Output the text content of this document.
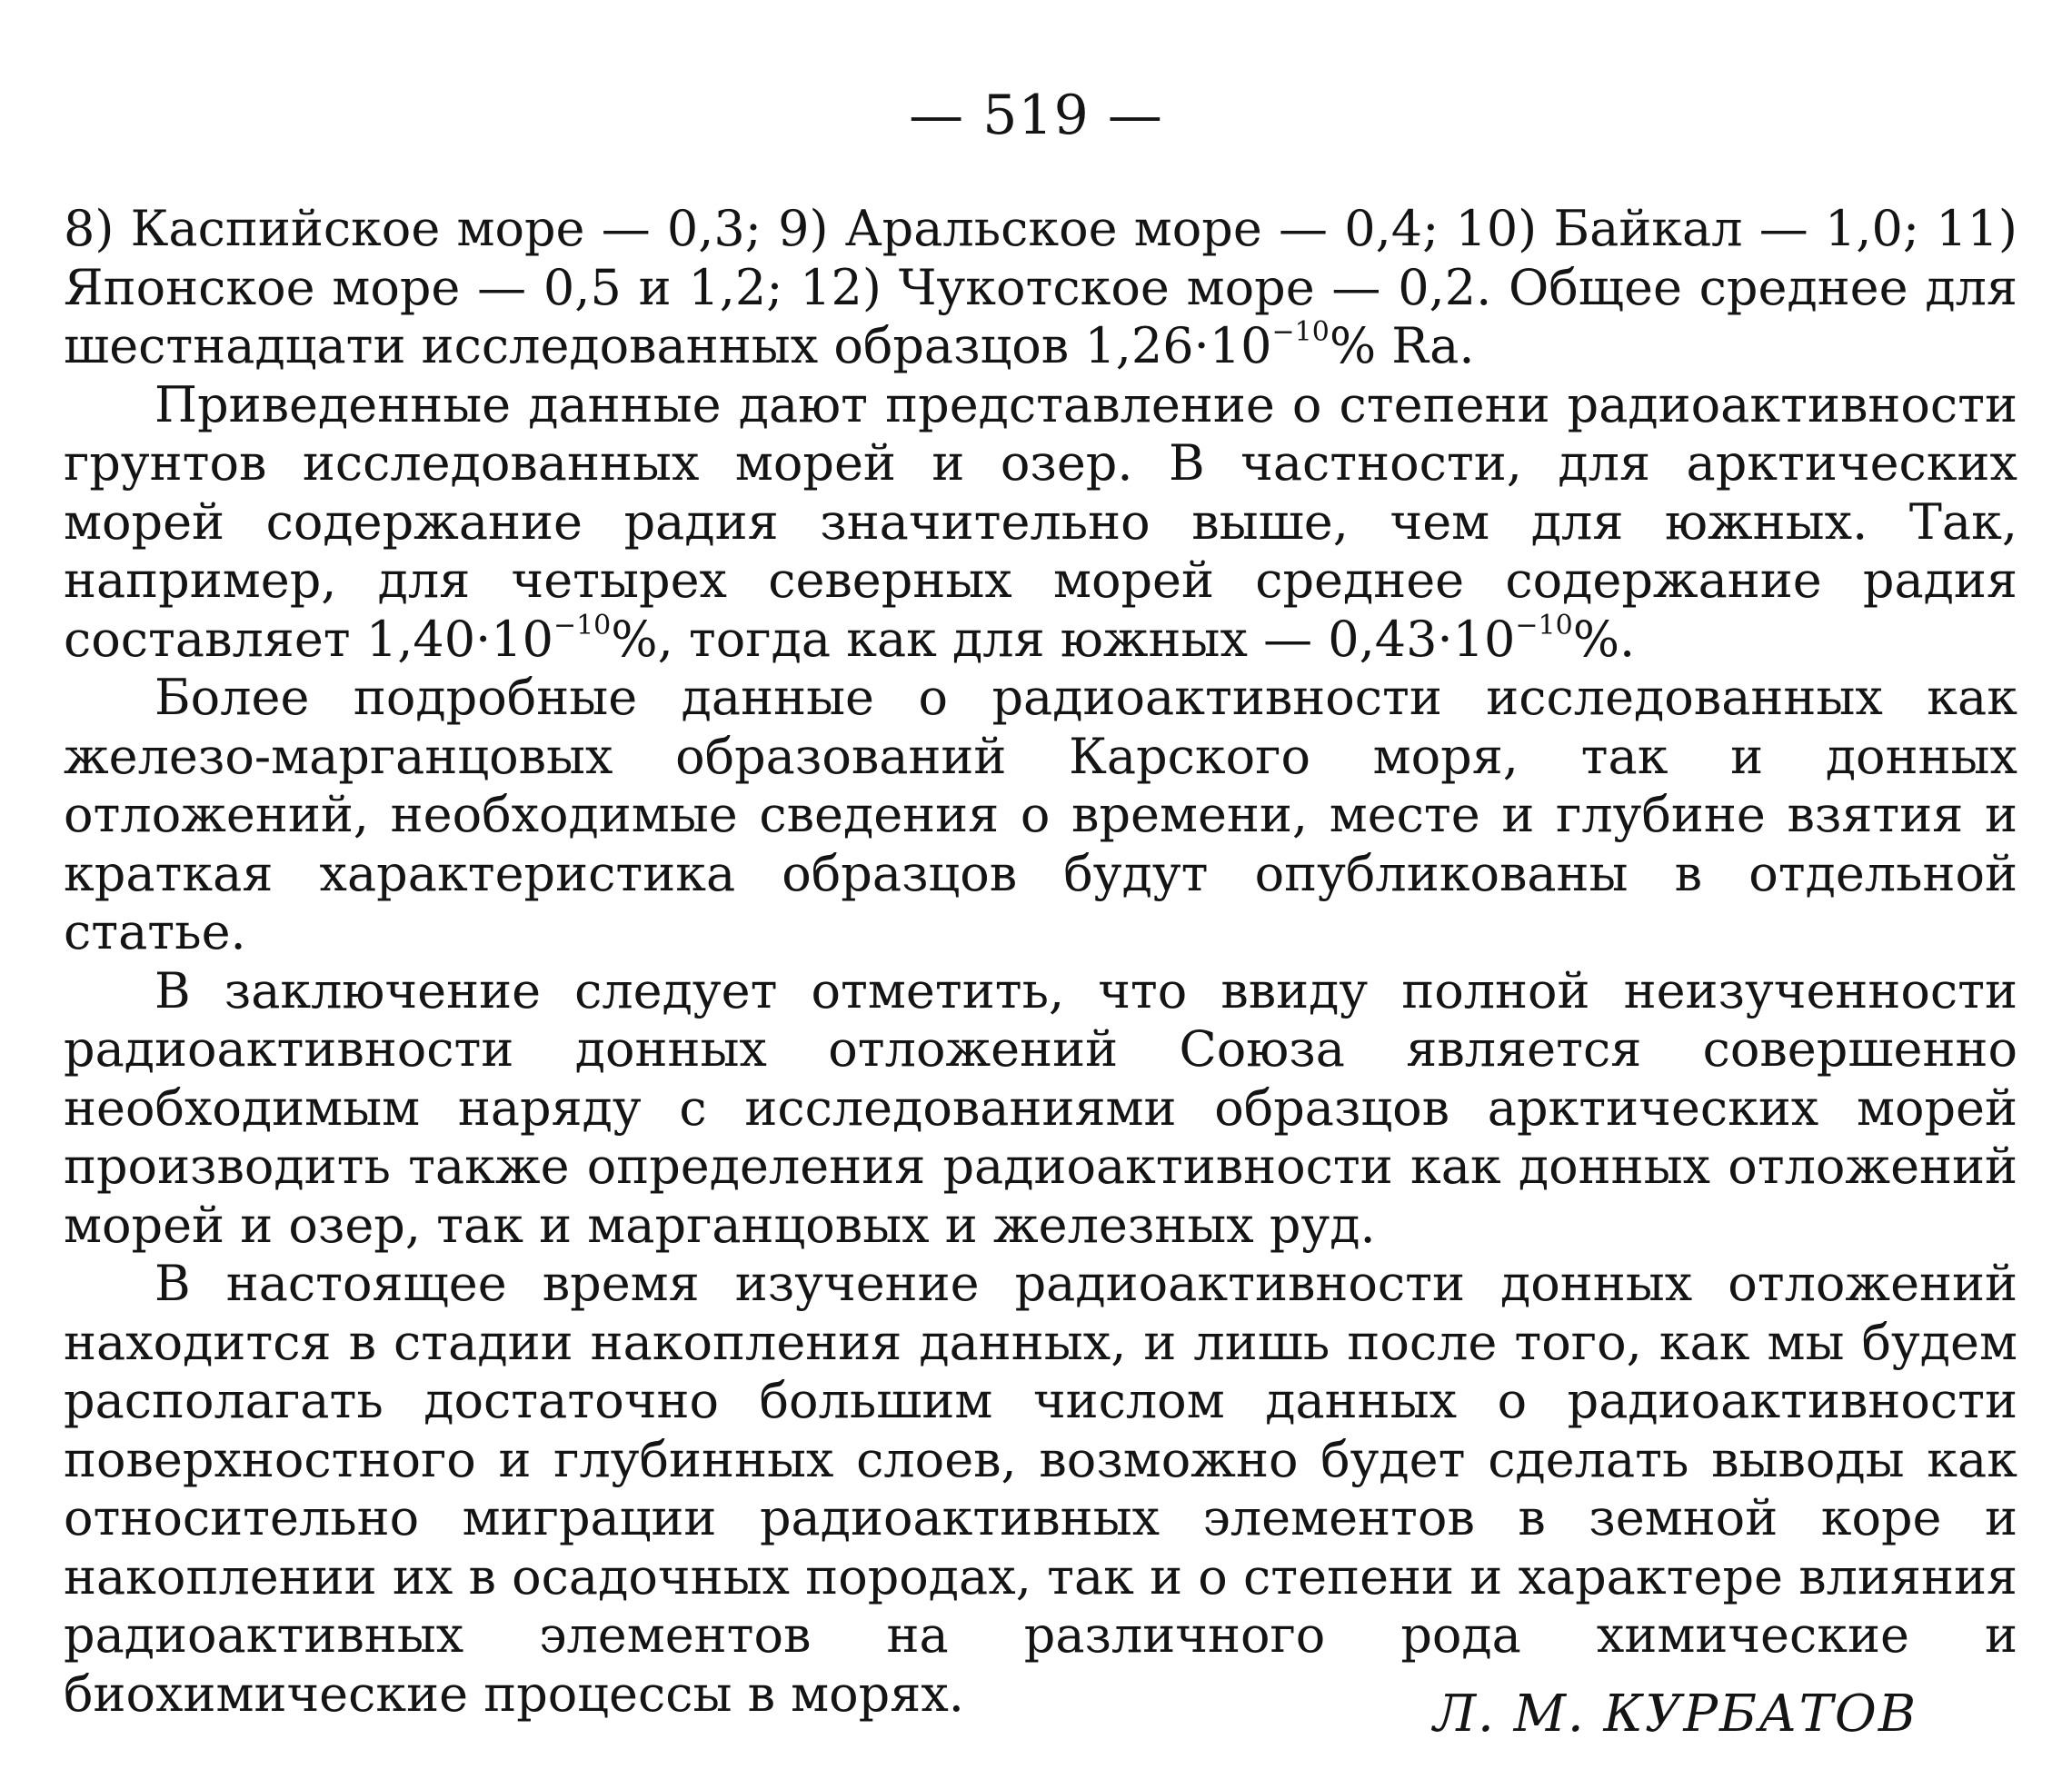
— 519 —

8) Каспийское море — 0,3; 9) Аральское море — 0,4; 10) Байкал — 1,0; 11) Японское море — 0,5 и 1,2; 12) Чукотское море — 0,2. Общее среднее для шестнадцати исследованных образцов $1,26\cdot 10^{-10}\%$ Ra.

Приведенные данные дают представление о степени радиоактивности грунтов исследованных морей и озер. В частности, для арктических морей содержание радия значительно выше, чем для южных. Так, например, для четырех северных морей среднее содержание радия составляет $1,40\cdot 10^{-10}\%$, тогда как для южных — $0,43\cdot 10^{-10}\%$.

Более подробные данные о радиоактивности исследованных как железо-марганцовых образований Карского моря, так и донных отложений, необходимые сведения о времени, месте и глубине взятия и краткая характеристика образцов будут опубликованы в отдельной статье.

В заключение следует отметить, что ввиду полной неизученности радиоактивности донных отложений Союза является совершенно необходимым наряду с исследованиями образцов арктических морей производить также определения радиоактивности как донных отложений морей и озер, так и марганцовых и железных руд.

В настоящее время изучение радиоактивности донных отложений находится в стадии накопления данных, и лишь после того, как мы будем располагать достаточно большим числом данных о радиоактивности поверхностного и глубинных слоев, возможно будет сделать выводы как относительно миграции радиоактивных элементов в земной коре и накоплении их в осадочных породах, так и о степени и характере влияния радиоактивных элементов на различного рода химические и биохимические процессы в морях.	Л. М. КУРБАТОВ
